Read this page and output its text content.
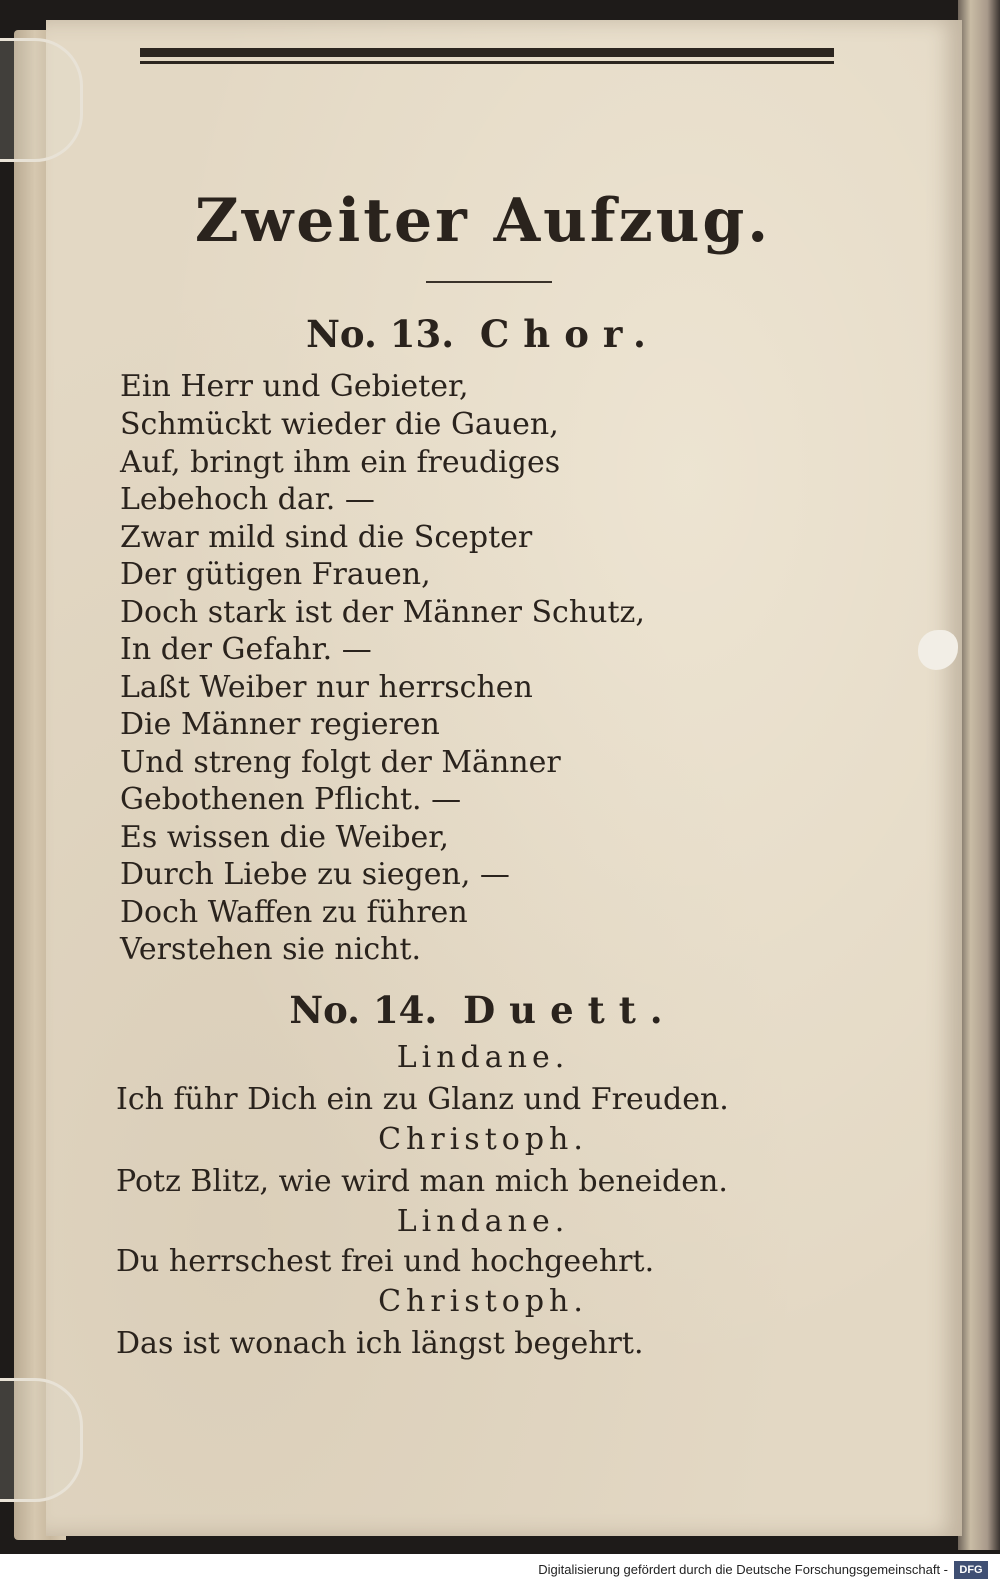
Zweiter Aufzug.
No. 13. Chor.
Ein Herr und Gebieter,
Schmückt wieder die Gauen,
Auf, bringt ihm ein freudiges
Lebehoch dar. —
Zwar mild sind die Scepter
Der gütigen Frauen,
Doch stark ist der Männer Schutz,
In der Gefahr. —
Laßt Weiber nur herrschen
Die Männer regieren
Und streng folgt der Männer
Gebothenen Pflicht. —
Es wissen die Weiber,
Durch Liebe zu siegen, —
Doch Waffen zu führen
Verstehen sie nicht.
No. 14. Duett.
Lindane.
Ich führ Dich ein zu Glanz und Freuden.
Christoph.
Potz Blitz, wie wird man mich beneiden.
Lindane.
Du herrschest frei und hochgeehrt.
Christoph.
Das ist wonach ich längst begehrt.
Digitalisierung gefördert durch die Deutsche Forschungsgemeinschaft -	DFG
